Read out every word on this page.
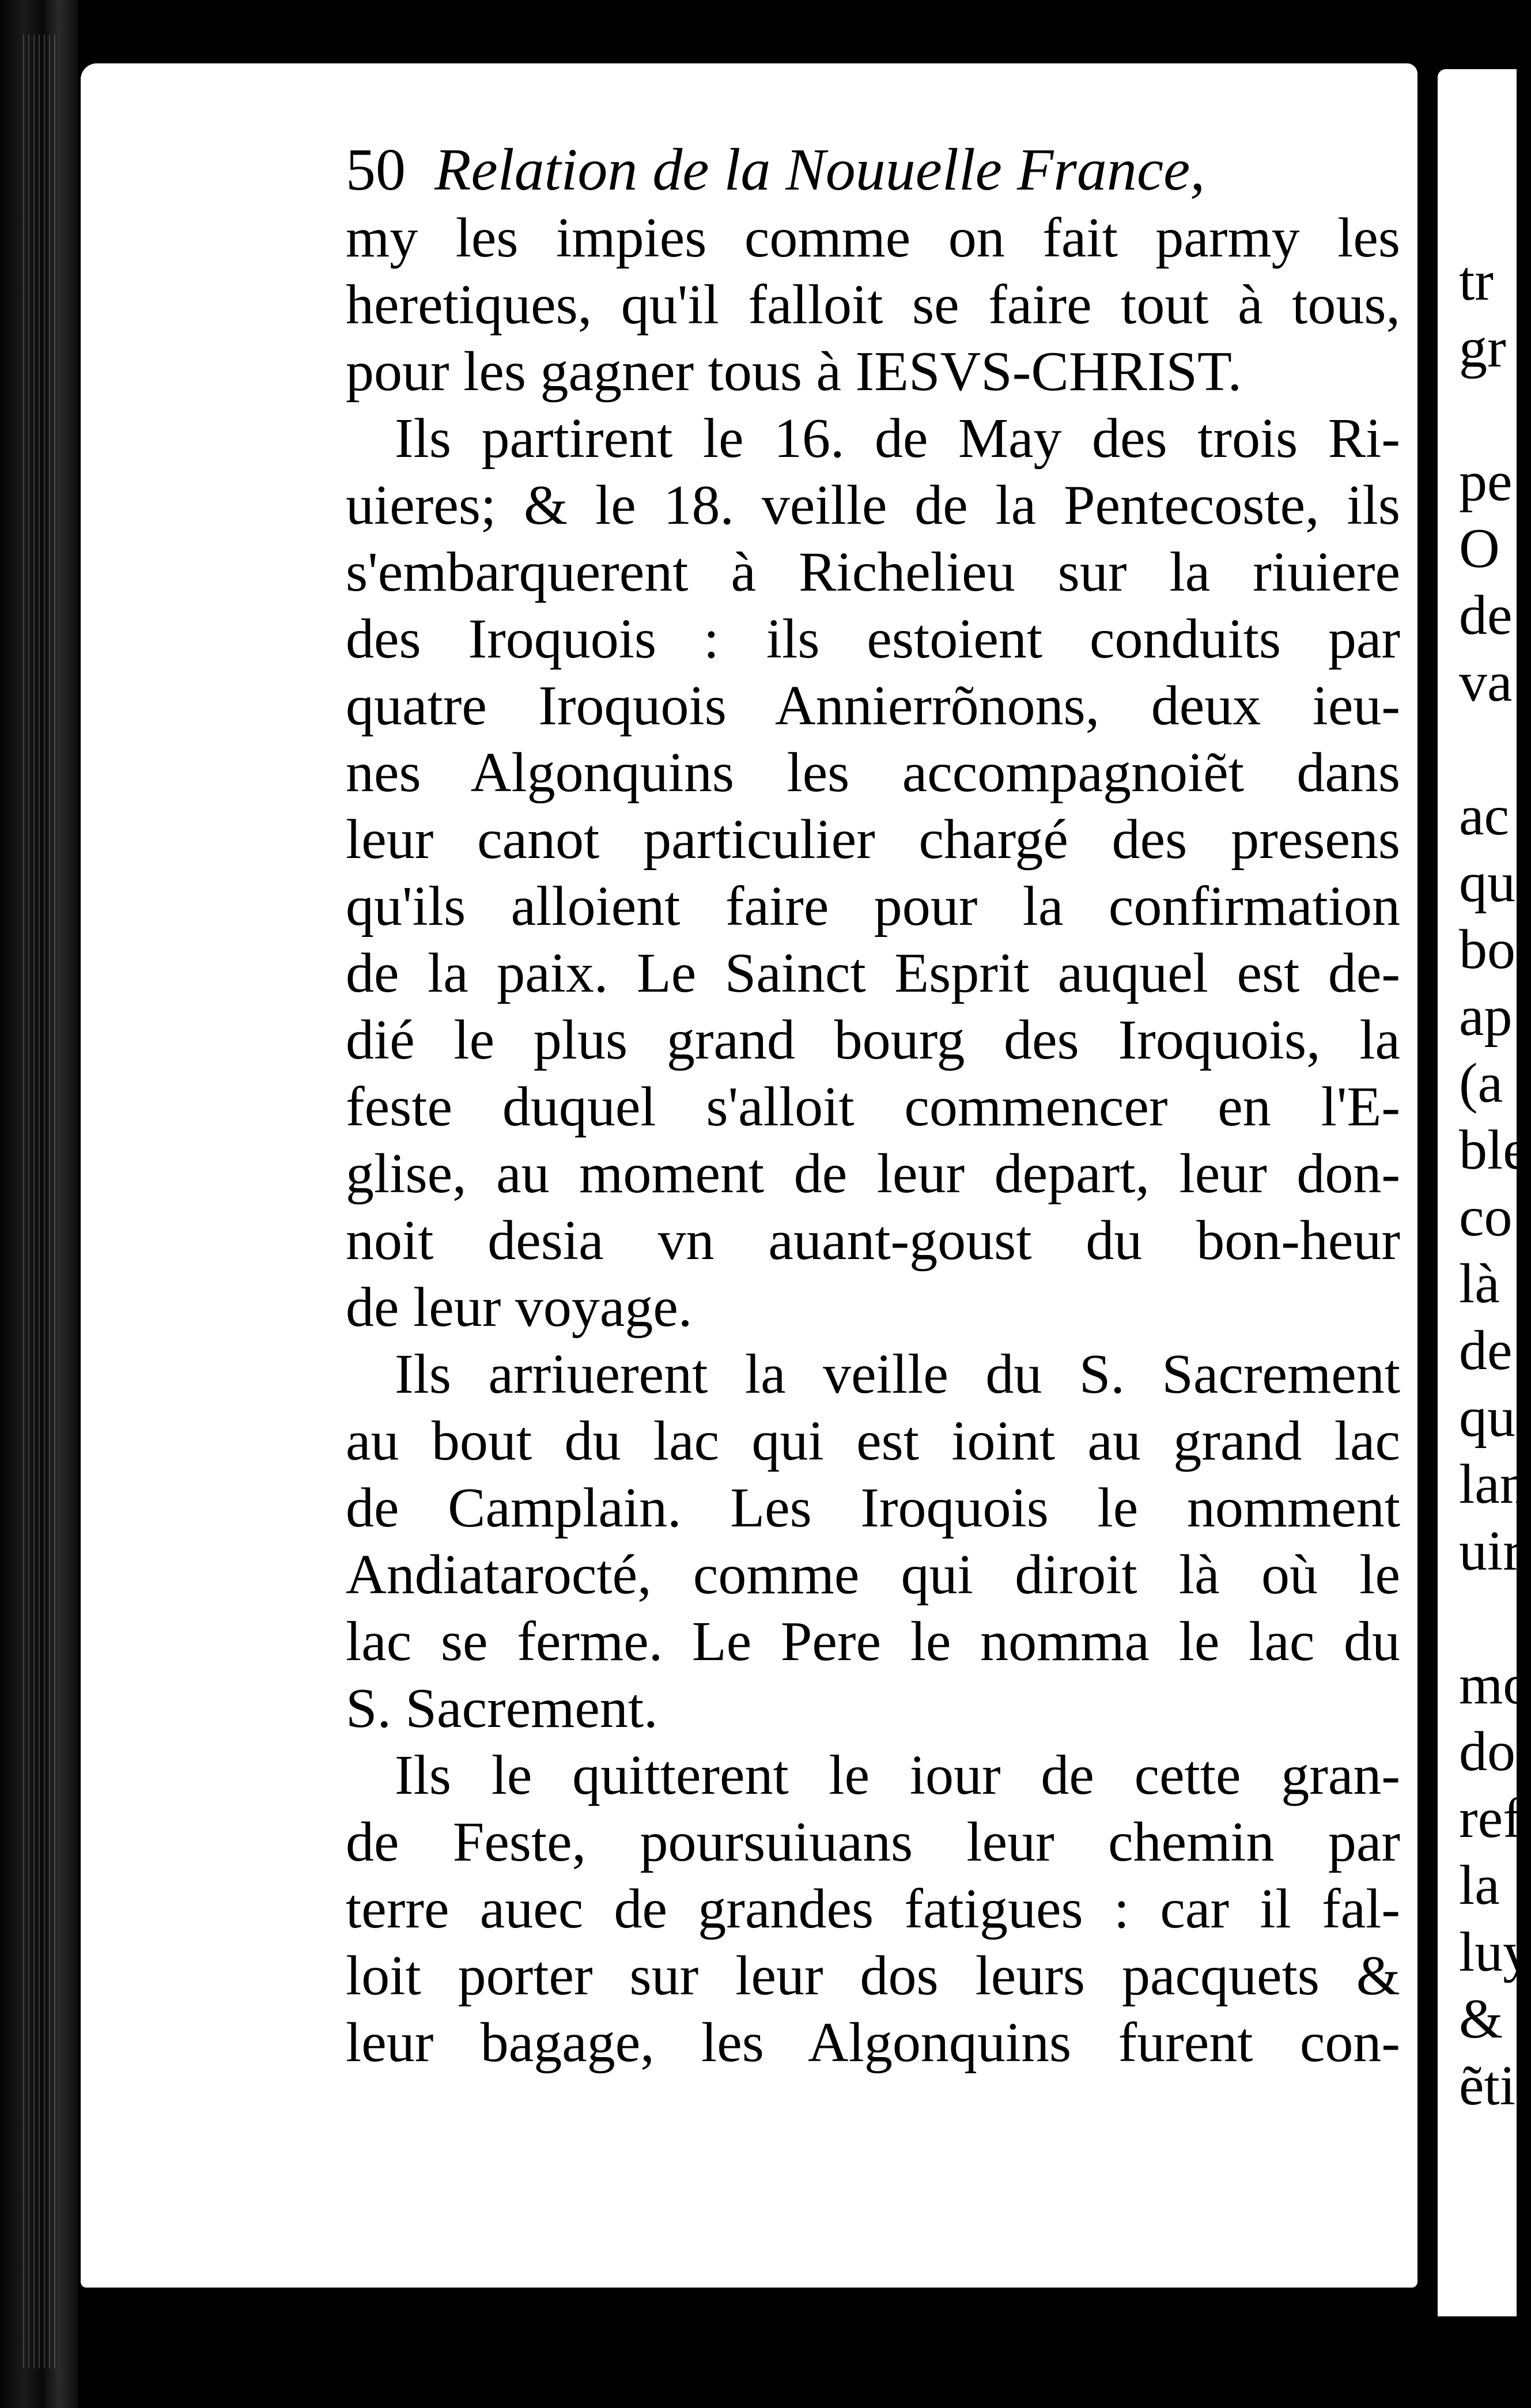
50 Relation de la Nouuelle France,
my les impies comme on fait parmy les
heretiques, qu'il falloit se faire tout à tous,
pour les gagner tous à IESVS-CHRIST.
Ils partirent le 16. de May des trois Ri-
uieres; & le 18. veille de la Pentecoste, ils
s'embarquerent à Richelieu sur la riuiere
des Iroquois : ils estoient conduits par
quatre Iroquois Annierrõnons, deux ieu-
nes Algonquins les accompagnoiẽt dans
leur canot particulier chargé des presens
qu'ils alloient faire pour la confirmation
de la paix. Le Sainct Esprit auquel est de-
dié le plus grand bourg des Iroquois, la
feste duquel s'alloit commencer en l'E-
glise, au moment de leur depart, leur don-
noit desia vn auant-goust du bon-heur
de leur voyage.
Ils arriuerent la veille du S. Sacrement
au bout du lac qui est ioint au grand lac
de Camplain. Les Iroquois le nomment
Andiataroсté, comme qui diroit là où le
lac se ferme. Le Pere le nomma le lac du
S. Sacrement.
Ils le quitterent le iour de cette gran-
de Feste, poursuiuans leur chemin par
terre auec de grandes fatigues : car il fal-
loit porter sur leur dos leurs pacquets &
leur bagage, les Algonquins furent con-
tr
gr
pe
O
de
va
ac
qu
bo
ap
(a
ble
co
là
de
qu
lan
uir
mo
do
ref
la
luy
&
ẽti
